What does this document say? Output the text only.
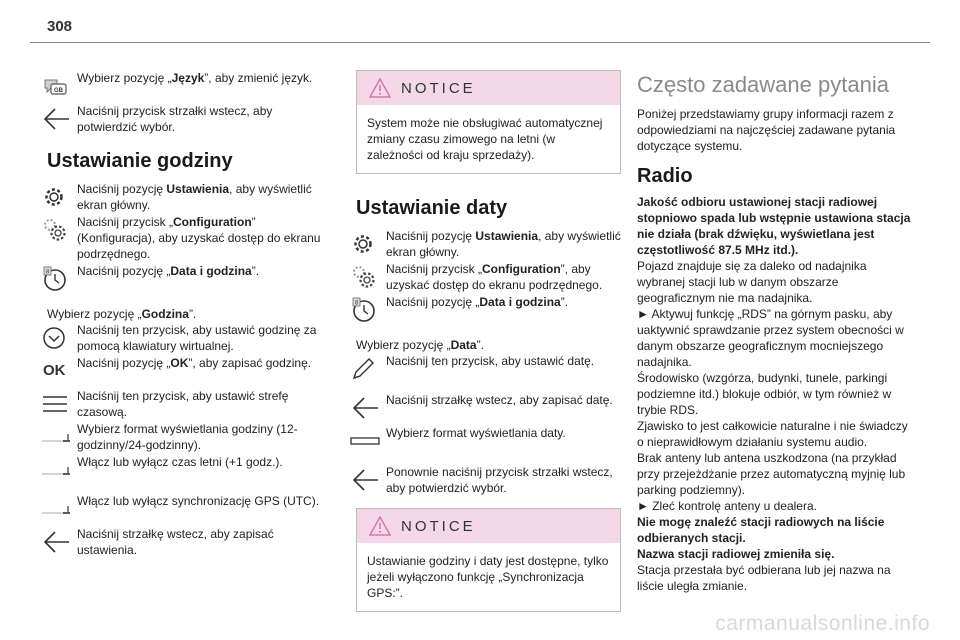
308
GB
Wybierz pozycję „Język”, aby zmienić język.
Naciśnij przycisk strzałki wstecz, aby potwierdzić wybór.
Ustawianie godziny
Naciśnij pozycję Ustawienia, aby wyświetlić ekran główny.
Naciśnij przycisk „Configuration” (Konfiguracja), aby uzyskać dostęp do ekranu podrzędnego.
8 Naciśnij pozycję „Data i godzina”.
Wybierz pozycję „Godzina”.
Naciśnij ten przycisk, aby ustawić godzinę za pomocą klawiatury wirtualnej.
OK Naciśnij pozycję „OK”, aby zapisać godzinę.
Naciśnij ten przycisk, aby ustawić strefę czasową.
Wybierz format wyświetlania godziny (12-godzinny/24-godzinny).
Włącz lub wyłącz czas letni (+1 godz.).
Włącz lub wyłącz synchronizację GPS (UTC).
Naciśnij strzałkę wstecz, aby zapisać ustawienia.
NOTICE
System może nie obsługiwać automatycznej zmiany czasu zimowego na letni (w zależności od kraju sprzedaży).
Ustawianie daty
Naciśnij pozycję Ustawienia, aby wyświetlić ekran główny.
Naciśnij przycisk „Configuration”, aby uzyskać dostęp do ekranu podrzędnego.
8 Naciśnij pozycję „Data i godzina”.
Wybierz pozycję „Data”.
Naciśnij ten przycisk, aby ustawić datę.
Naciśnij strzałkę wstecz, aby zapisać datę.
Wybierz format wyświetlania daty.
Ponownie naciśnij przycisk strzałki wstecz, aby potwierdzić wybór.
NOTICE
Ustawianie godziny i daty jest dostępne, tylko jeżeli wyłączono funkcję „Synchronizacja GPS:”.
Często zadawane pytania

Poniżej przedstawiamy grupy informacji razem z odpowiedziami na najczęściej zadawane pytania dotyczące systemu.

Radio

Jakość odbioru ustawionej stacji radiowej stopniowo spada lub wstępnie ustawiona stacja nie działa (brak dźwięku, wyświetlana jest częstotliwość 87.5 MHz itd.).

Pojazd znajduje się za daleko od nadajnika wybranej stacji lub w danym obszarze geograficznym nie ma nadajnika.

► Aktywuj funkcję „RDS” na górnym pasku, aby uaktywnić sprawdzanie przez system obecności w danym obszarze geograficznym mocniejszego nadajnika.

Środowisko (wzgórza, budynki, tunele, parkingi podziemne itd.) blokuje odbiór, w tym również w trybie RDS.

Zjawisko to jest całkowicie naturalne i nie świadczy o nieprawidłowym działaniu systemu audio.

Brak anteny lub antena uszkodzona (na przykład przy przejeżdżanie przez automatyczną myjnię lub parking podziemny).

► Zleć kontrolę anteny u dealera.

Nie mogę znaleźć stacji radiowych na liście odbieranych stacji.

Nazwa stacji radiowej zmieniła się.

Stacja przestała być odbierana lub jej nazwa na liście uległa zmianie.

carmanualsonline.info
